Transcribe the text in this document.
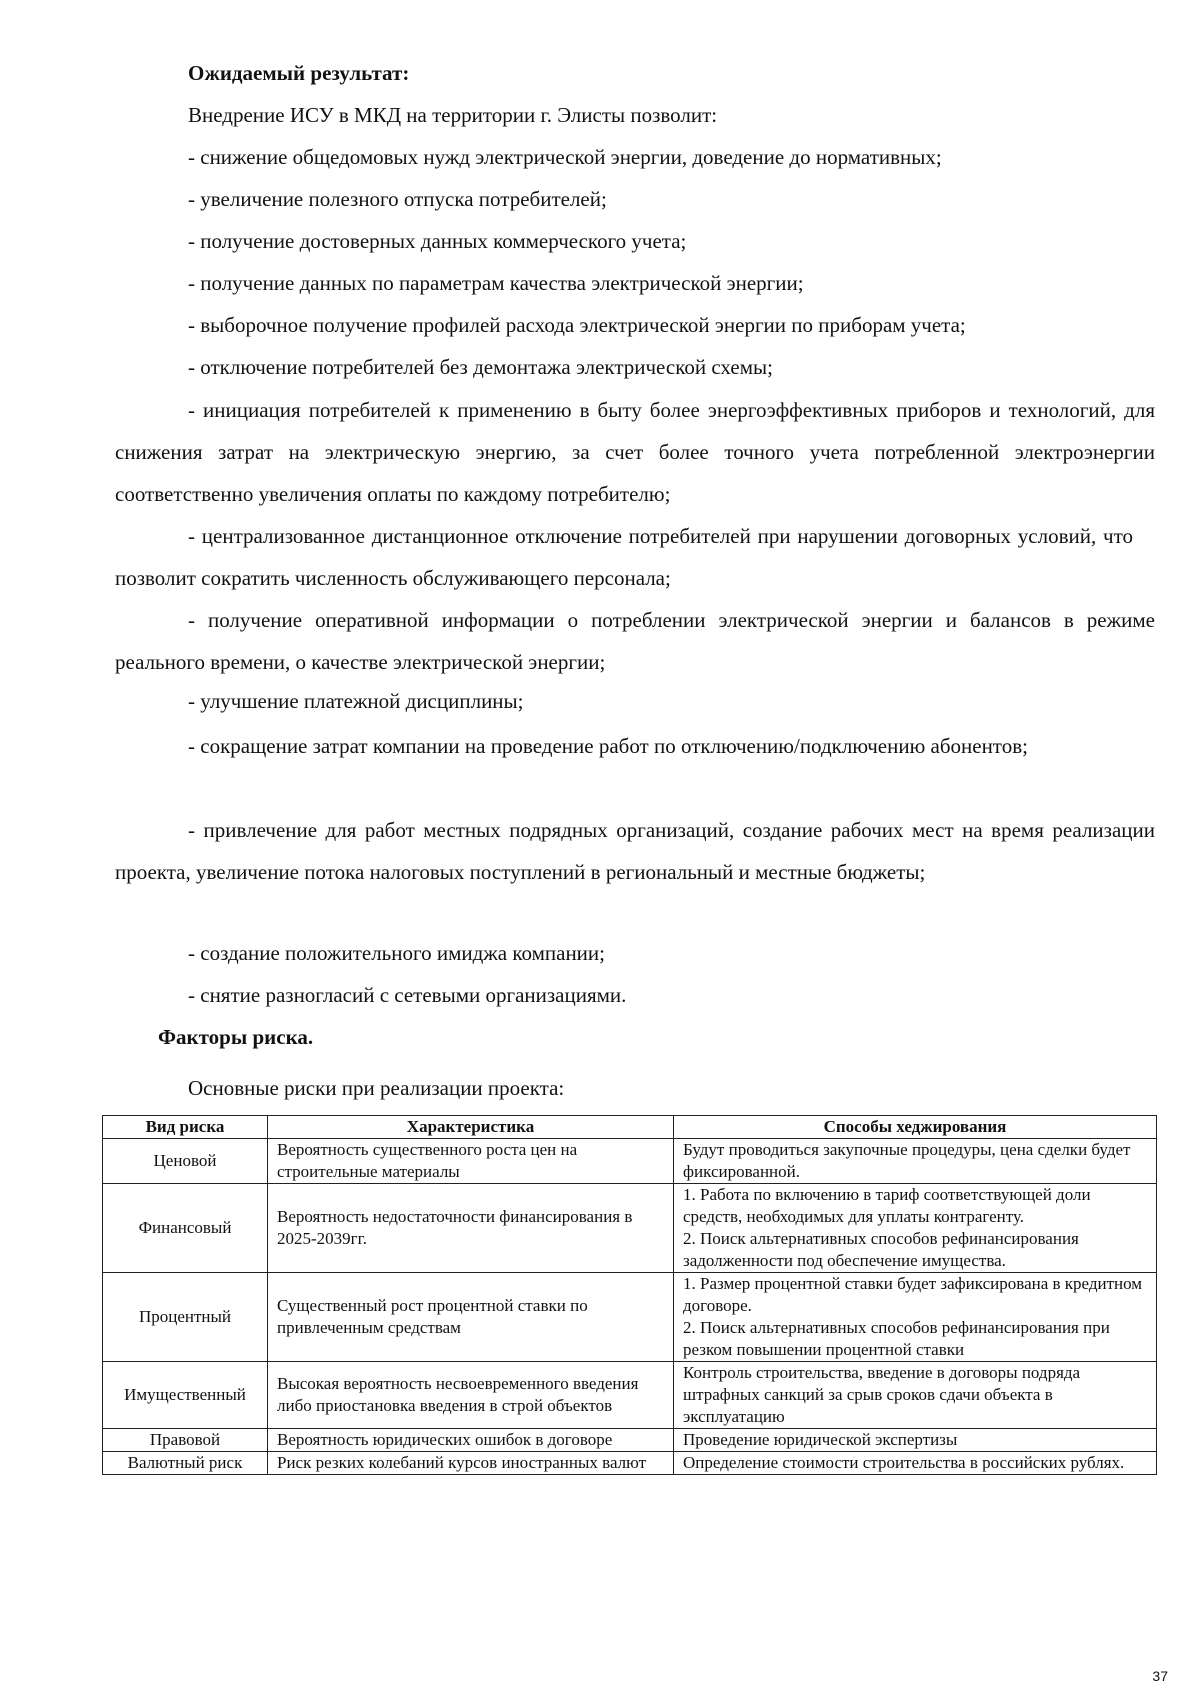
Ожидаемый результат:
Внедрение ИСУ в МКД на территории г. Элисты позволит:
- снижение общедомовых нужд электрической энергии, доведение до нормативных;
- увеличение полезного отпуска потребителей;
- получение достоверных данных коммерческого учета;
- получение данных по параметрам качества электрической энергии;
- выборочное получение профилей расхода электрической энергии по приборам учета;
- отключение потребителей без демонтажа электрической схемы;

- инициация потребителей к применению в быту более энергоэффективных приборов и технологий, для снижения затрат на электрическую энергию, за счет более точного учета потребленной электроэнергии соответственно увеличения оплаты по каждому потребителю;

- централизованное дистанционное отключение потребителей при нарушении договорных условий, что позволит сократить численность обслуживающего персонала;

- получение оперативной информации о потреблении электрической энергии и балансов в режиме реального времени, о качестве электрической энергии;

- улучшение платежной дисциплины;

- сокращение затрат компании на проведение работ по отключению/подключению абонентов;

- привлечение для работ местных подрядных организаций, создание рабочих мест на время реализации проекта, увеличение потока налоговых поступлений в региональный и местные бюджеты;

- создание положительного имиджа компании;
- снятие разногласий с сетевыми организациями.
Факторы риска.
Основные риски при реализации проекта:
Вид риска	Характеристика	Способы хеджирования
Ценовой	Вероятность существенного роста цен на строительные материалы	Будут проводиться закупочные процедуры, цена сделки будет фиксированной.

Финансовый	Вероятность недостаточности финансирования в 2025-2039гг.	1. Работа по включению в тариф соответствующей доли средств, необходимых для уплаты контрагенту.
2. Поиск альтернативных способов рефинансирования задолженности под обеспечение имущества.

Процентный	Существенный рост процентной ставки по привлеченным средствам	1. Размер процентной ставки будет зафиксирована в кредитном договоре.
2. Поиск альтернативных способов рефинансирования при резком повышении процентной ставки

Имущественный	Высокая вероятность несвоевременного введения либо приостановка введения в строй объектов	Контроль строительства, введение в договоры подряда штрафных санкций за срыв сроков сдачи объекта в эксплуатацию

Правовой	Вероятность юридических ошибок в договоре	Проведение юридической экспертизы

Валютный риск	Риск резких колебаний курсов иностранных валют	Определение стоимости строительства в российских рублях.
37
